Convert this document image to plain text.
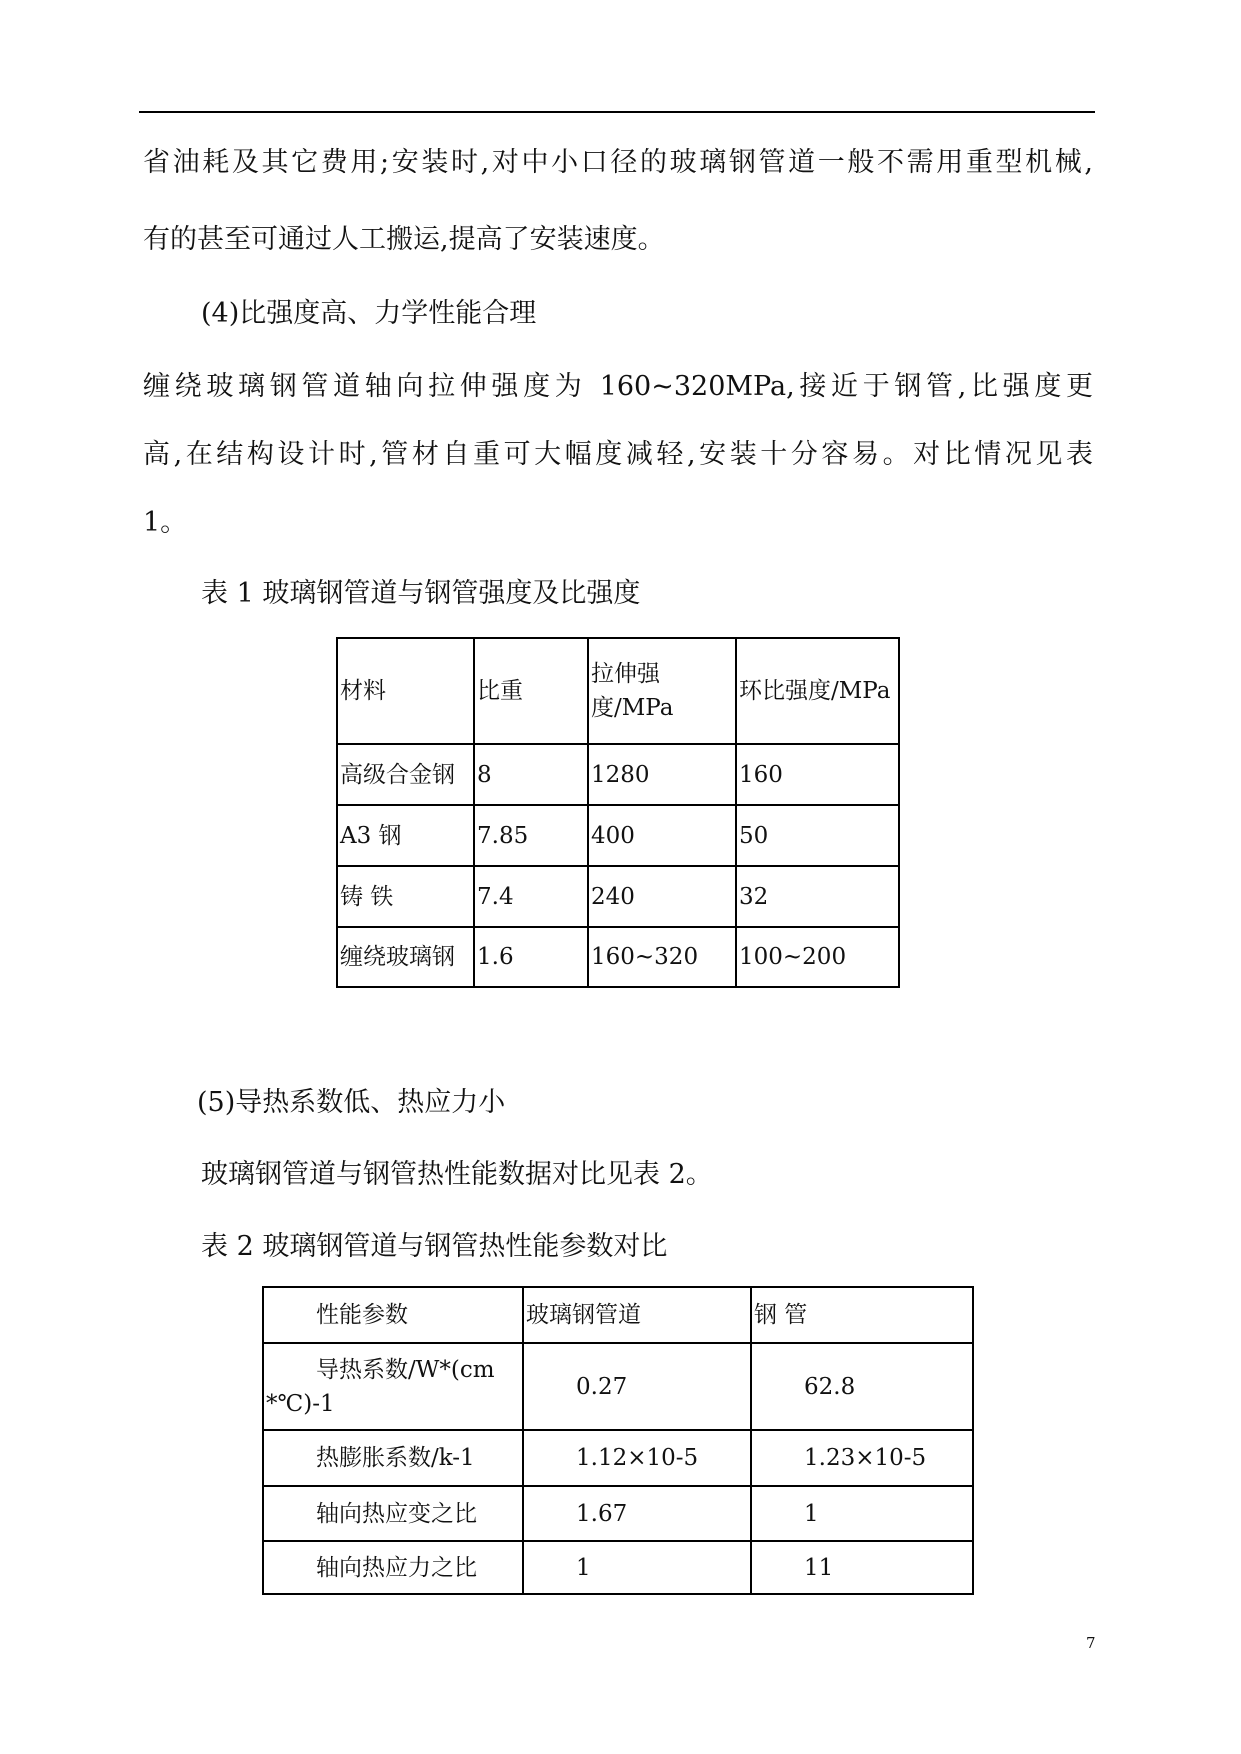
省油耗及其它费用;安装时,对中小口径的玻璃钢管道一般不需用重型机械,

有的甚至可通过人工搬运,提高了安装速度。

(4)比强度高、力学性能合理

缠绕玻璃钢管道轴向拉伸强度为 160~320MPa,接近于钢管,比强度更

高,在结构设计时,管材自重可大幅度减轻,安装十分容易。对比情况见表

1。

表 1 玻璃钢管道与钢管强度及比强度

材料	比重	拉伸强度/MPa	环比强度/MPa
高级合金钢	8	1280	160
A3 钢	7.85	400	50
铸 铁	7.4	240	32
缠绕玻璃钢	1.6	160~320	100~200

(5)导热系数低、热应力小

玻璃钢管道与钢管热性能数据对比见表 2。

表 2 玻璃钢管道与钢管热性能参数对比

性能参数	玻璃钢管道	钢 管
导热系数/W*(cm*℃)-1	0.27	62.8
热膨胀系数/k-1	1.12×10-5	1.23×10-5
轴向热应变之比	1.67	1
轴向热应力之比	1	11

7
